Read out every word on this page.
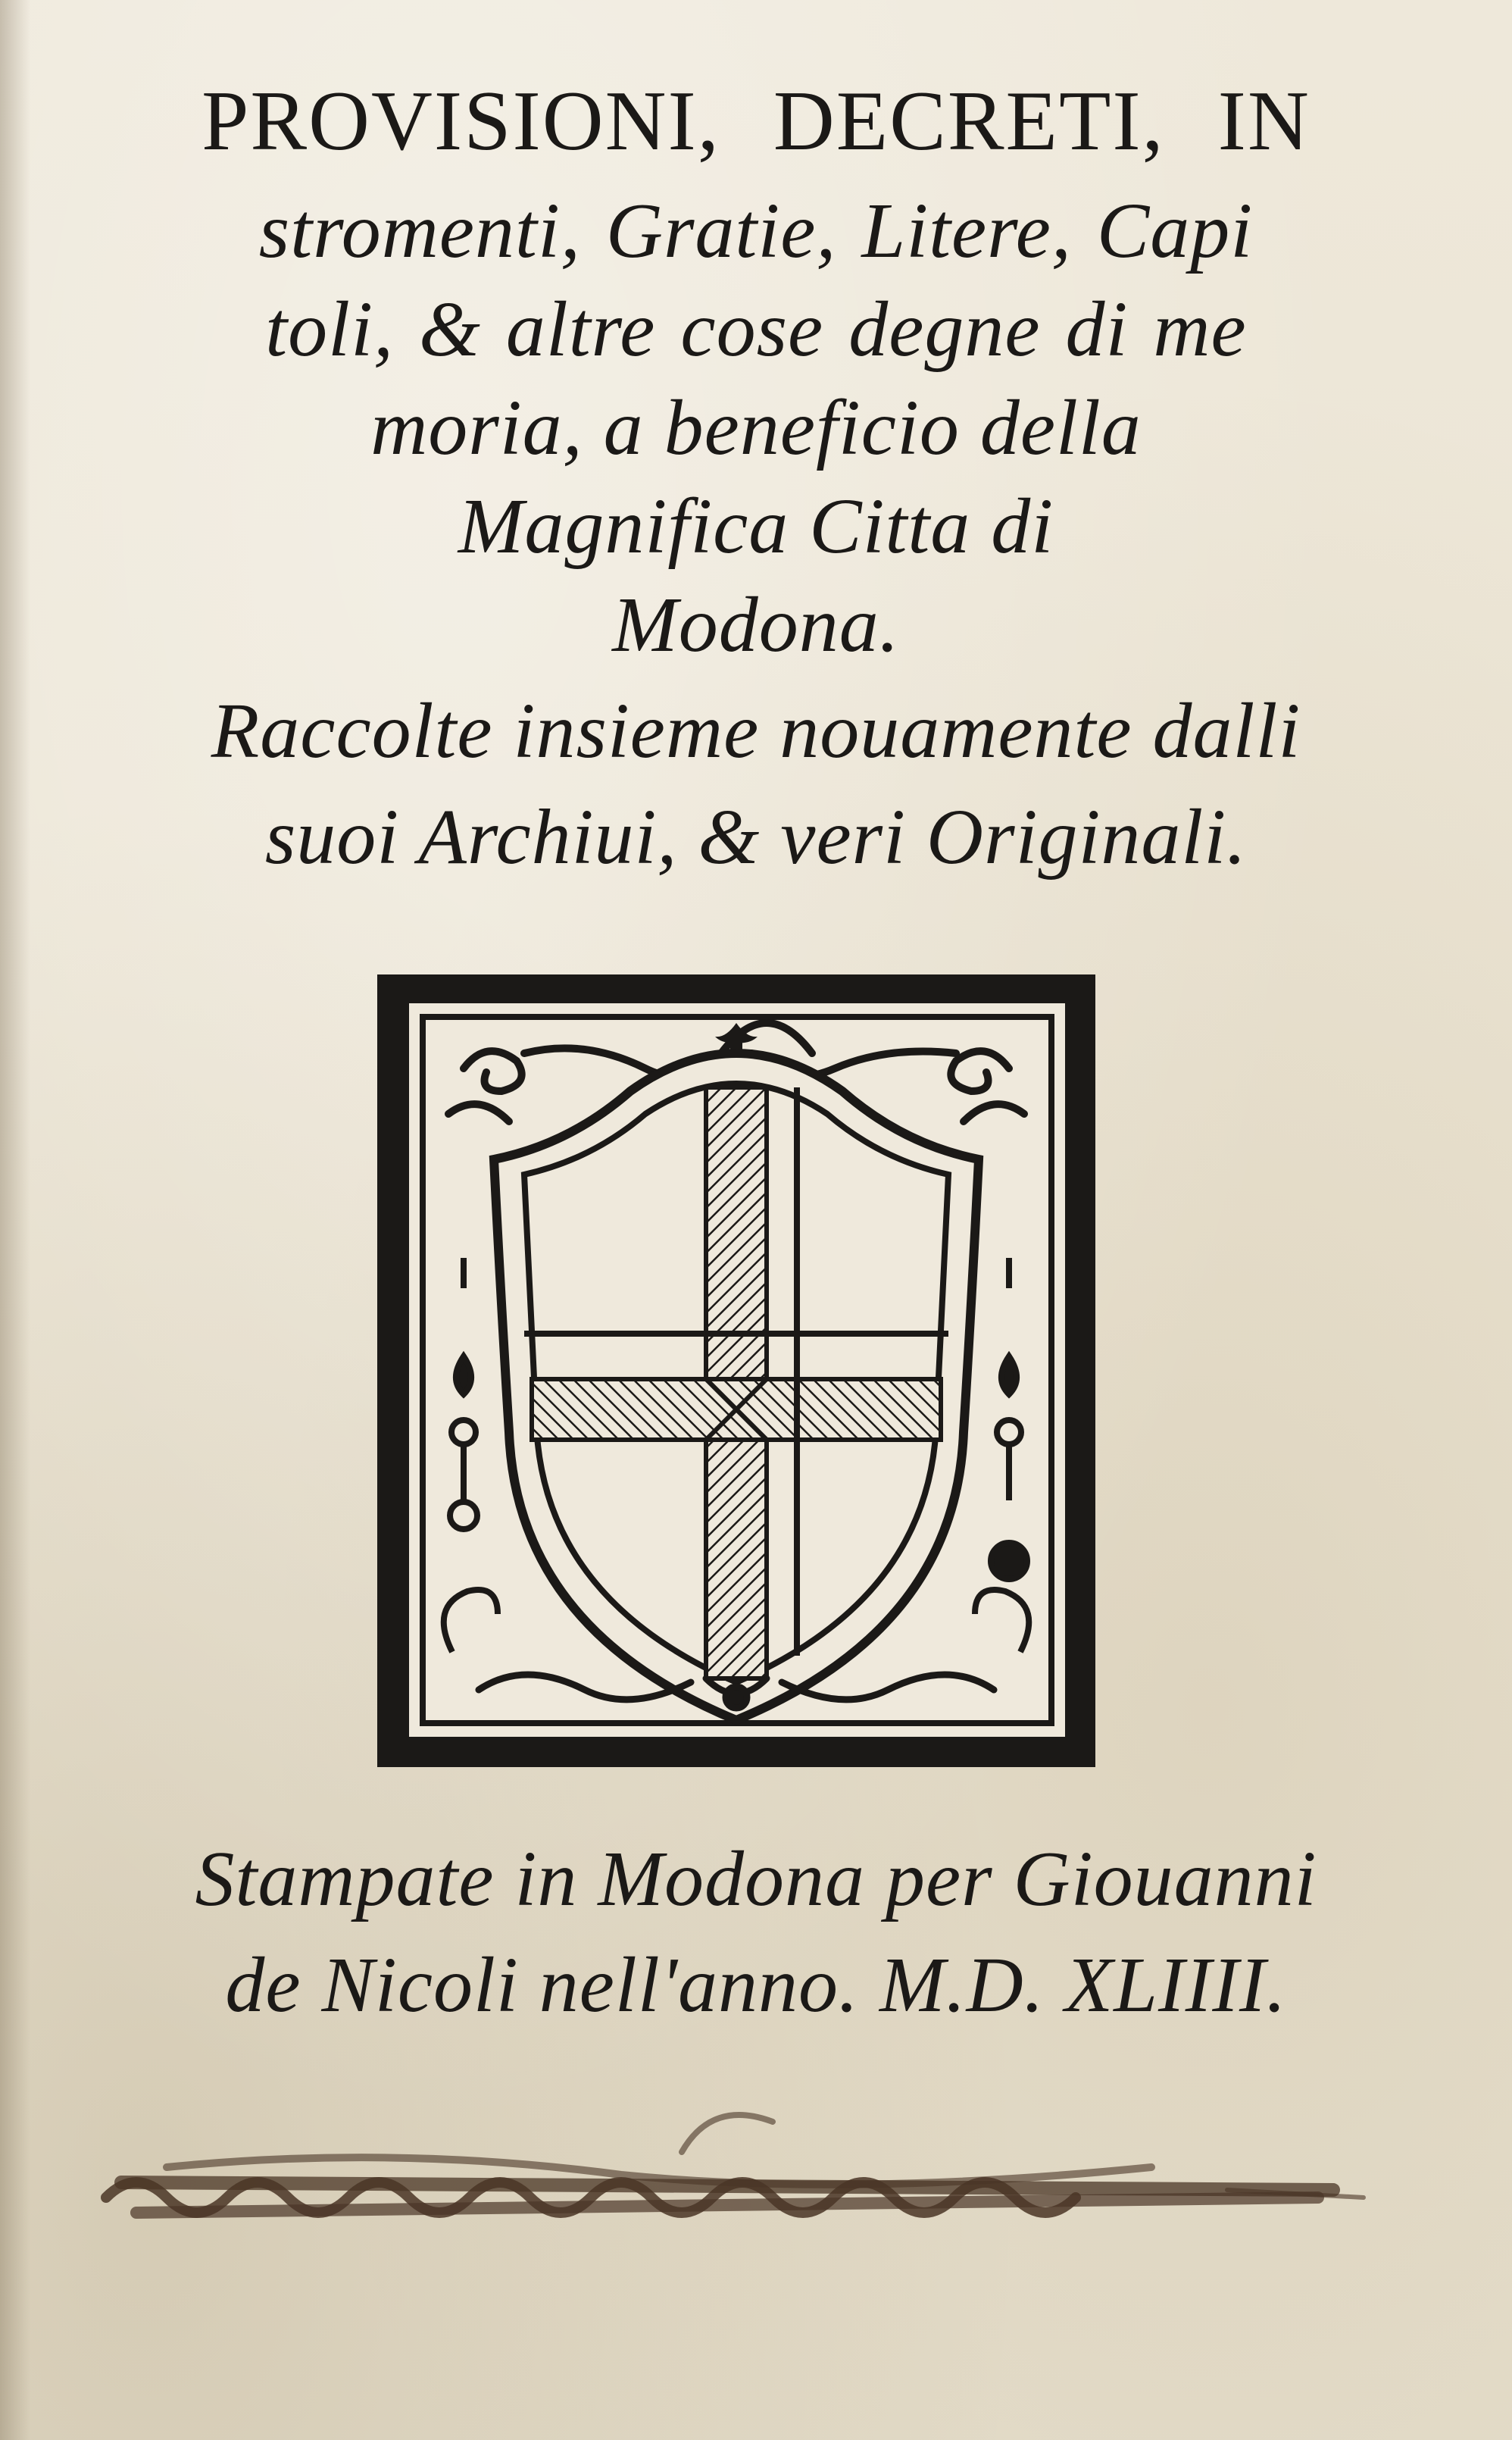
PROVISIONI, DECRETI, IN
stromenti, Gratie, Litere, Capi
toli, & altre cose degne di me
moria, a beneficio della
Magnifica Citta di
Modona.
Raccolte insieme nouamente dalli
suoi Archiui, & veri Originali.
Stampate in Modona per Giouanni
de Nicoli nell'anno. M.D. XLIIII.
